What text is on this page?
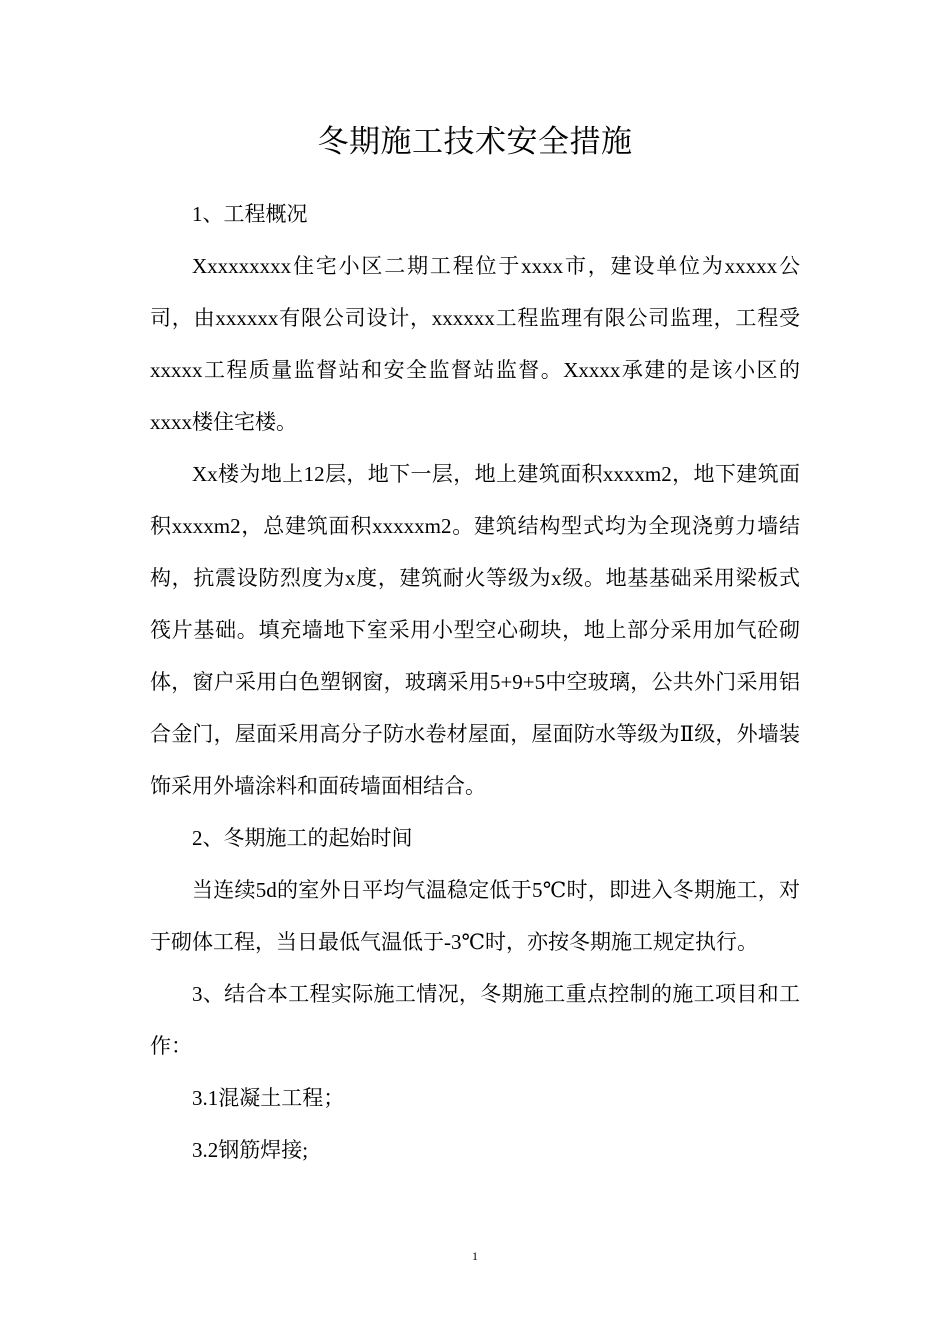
冬期施工技术安全措施

1、工程概况

Xxxxxxxxx住宅小区二期工程位于xxxx市，建设单位为xxxxx公司，由xxxxxx有限公司设计，xxxxxx工程监理有限公司监理，工程受xxxxx工程质量监督站和安全监督站监督。Xxxxx承建的是该小区的xxxx楼住宅楼。

Xx楼为地上12层，地下一层，地上建筑面积xxxxm2，地下建筑面积xxxxm2，总建筑面积xxxxxm2。建筑结构型式均为全现浇剪力墙结构，抗震设防烈度为x度，建筑耐火等级为x级。地基基础采用梁板式筏片基础。填充墙地下室采用小型空心砌块，地上部分采用加气砼砌体，窗户采用白色塑钢窗，玻璃采用5+9+5中空玻璃，公共外门采用铝合金门，屋面采用高分子防水卷材屋面，屋面防水等级为Ⅱ级，外墙装饰采用外墙涂料和面砖墙面相结合。

2、冬期施工的起始时间

当连续5d的室外日平均气温稳定低于5℃时，即进入冬期施工，对于砌体工程，当日最低气温低于-3℃时，亦按冬期施工规定执行。

3、结合本工程实际施工情况，冬期施工重点控制的施工项目和工作：

3.1混凝土工程；

3.2钢筋焊接;

1
